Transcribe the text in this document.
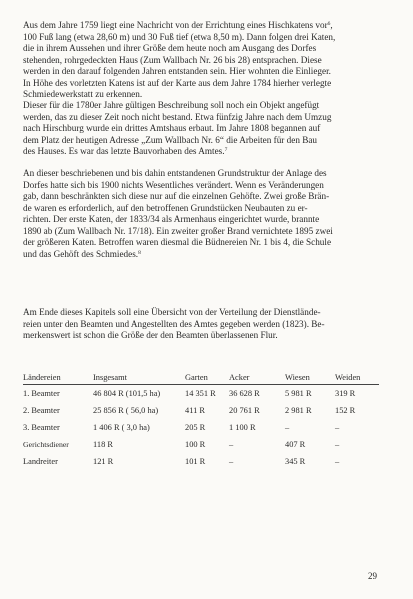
Aus dem Jahre 1759 liegt eine Nachricht von der Errichtung eines Hischkatens vor$^6$,

100 Fuß lang (etwa 28,60 m) und 30 Fuß tief (etwa 8,50 m). Dann folgen drei Katen,

die in ihrem Aussehen und ihrer Größe dem heute noch am Ausgang des Dorfes

stehenden, rohrgedeckten Haus (Zum Wallbach Nr. 26 bis 28) entsprachen. Diese

werden in den darauf folgenden Jahren entstanden sein. Hier wohnten die Einlieger.

In Höhe des vorletzten Katens ist auf der Karte aus dem Jahre 1784 hierher verlegte

Schmiedewerkstatt zu erkennen.

Dieser für die 1780er Jahre gültigen Beschreibung soll noch ein Objekt angefügt

werden, das zu dieser Zeit noch nicht bestand. Etwa fünfzig Jahre nach dem Umzug

nach Hirschburg wurde ein drittes Amtshaus erbaut. Im Jahre 1808 begannen auf

dem Platz der heutigen Adresse „Zum Wallbach Nr. 6“ die Arbeiten für den Bau

des Hauses. Es war das letzte Bauvorhaben des Amtes.$^7$

An dieser beschriebenen und bis dahin entstandenen Grundstruktur der Anlage des

Dorfes hatte sich bis 1900 nichts Wesentliches verändert. Wenn es Veränderungen

gab, dann beschränkten sich diese nur auf die einzelnen Gehöfte. Zwei große Brän-

de waren es erforderlich, auf den betroffenen Grundstücken Neubauten zu er-

richten. Der erste Katen, der 1833/34 als Armenhaus eingerichtet wurde, brannte

1890 ab (Zum Wallbach Nr. 17/18). Ein zweiter großer Brand vernichtete 1895 zwei

der größeren Katen. Betroffen waren diesmal die Büdnereien Nr. 1 bis 4, die Schule

und das Gehöft des Schmiedes.$^8$

Am Ende dieses Kapitels soll eine Übersicht von der Verteilung der Dienstlände-

reien unter den Beamten und Angestellten des Amtes gegeben werden (1823). Be-

merkenswert ist schon die Größe der den Beamten überlassenen Flur.

Ländereien	Insgesamt	Garten	Acker	Wiesen	Weiden

1. Beamter	46 804 R (101,5 ha)	14 351 R	36 628 R	5 981 R	319 R
2. Beamter	25 856 R ( 56,0 ha)	411 R	20 761 R	2 981 R	152 R
3. Beamter	1 406 R ( 3,0 ha)	205 R	1 100 R	–	–
Gerichtsdiener	118 R	100 R	–	407 R	–
Landreiter	121 R	101 R	–	345 R	–
29
